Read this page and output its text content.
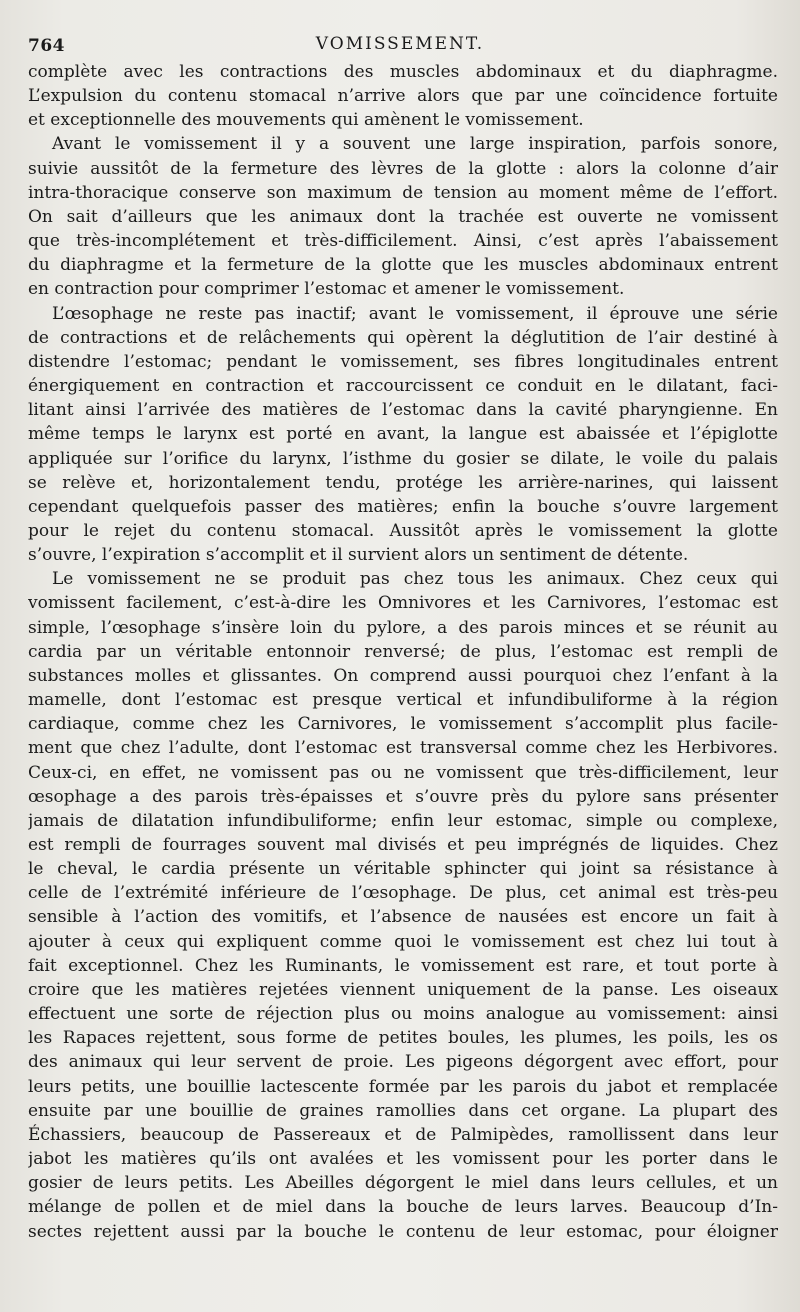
764	VOMISSEMENT.
complète avec les contractions des muscles abdominaux et du diaphragme.
L’expulsion du contenu stomacal n’arrive alors que par une coïncidence fortuite
et exceptionnelle des mouvements qui amènent le vomissement.
Avant le vomissement il y a souvent une large inspiration, parfois sonore,
suivie aussitôt de la fermeture des lèvres de la glotte : alors la colonne d’air
intra-thoracique conserve son maximum de tension au moment même de l’effort.
On sait d’ailleurs que les animaux dont la trachée est ouverte ne vomissent
que très-incomplétement et très-difficilement. Ainsi, c’est après l’abaissement
du diaphragme et la fermeture de la glotte que les muscles abdominaux entrent
en contraction pour comprimer l’estomac et amener le vomissement.
L’œsophage ne reste pas inactif; avant le vomissement, il éprouve une série
de contractions et de relâchements qui opèrent la déglutition de l’air destiné à
distendre l’estomac; pendant le vomissement, ses fibres longitudinales entrent
énergiquement en contraction et raccourcissent ce conduit en le dilatant, faci-
litant ainsi l’arrivée des matières de l’estomac dans la cavité pharyngienne. En
même temps le larynx est porté en avant, la langue est abaissée et l’épiglotte
appliquée sur l’orifice du larynx, l’isthme du gosier se dilate, le voile du palais
se relève et, horizontalement tendu, protége les arrière-narines, qui laissent
cependant quelquefois passer des matières; enfin la bouche s’ouvre largement
pour le rejet du contenu stomacal. Aussitôt après le vomissement la glotte
s’ouvre, l’expiration s’accomplit et il survient alors un sentiment de détente.
Le vomissement ne se produit pas chez tous les animaux. Chez ceux qui
vomissent facilement, c’est-à-dire les Omnivores et les Carnivores, l’estomac est
simple, l’œsophage s’insère loin du pylore, a des parois minces et se réunit au
cardia par un véritable entonnoir renversé; de plus, l’estomac est rempli de
substances molles et glissantes. On comprend aussi pourquoi chez l’enfant à la
mamelle, dont l’estomac est presque vertical et infundibuliforme à la région
cardiaque, comme chez les Carnivores, le vomissement s’accomplit plus facile-
ment que chez l’adulte, dont l’estomac est transversal comme chez les Herbivores.
Ceux-ci, en effet, ne vomissent pas ou ne vomissent que très-difficilement, leur
œsophage a des parois très-épaisses et s’ouvre près du pylore sans présenter
jamais de dilatation infundibuliforme; enfin leur estomac, simple ou complexe,
est rempli de fourrages souvent mal divisés et peu imprégnés de liquides. Chez
le cheval, le cardia présente un véritable sphincter qui joint sa résistance à
celle de l’extrémité inférieure de l’œsophage. De plus, cet animal est très-peu
sensible à l’action des vomitifs, et l’absence de nausées est encore un fait à
ajouter à ceux qui expliquent comme quoi le vomissement est chez lui tout à
fait exceptionnel. Chez les Ruminants, le vomissement est rare, et tout porte à
croire que les matières rejetées viennent uniquement de la panse. Les oiseaux
effectuent une sorte de réjection plus ou moins analogue au vomissement: ainsi
les Rapaces rejettent, sous forme de petites boules, les plumes, les poils, les os
des animaux qui leur servent de proie. Les pigeons dégorgent avec effort, pour
leurs petits, une bouillie lactescente formée par les parois du jabot et remplacée
ensuite par une bouillie de graines ramollies dans cet organe. La plupart des
Échassiers, beaucoup de Passereaux et de Palmipèdes, ramollissent dans leur
jabot les matières qu’ils ont avalées et les vomissent pour les porter dans le
gosier de leurs petits. Les Abeilles dégorgent le miel dans leurs cellules, et un
mélange de pollen et de miel dans la bouche de leurs larves. Beaucoup d’In-
sectes rejettent aussi par la bouche le contenu de leur estomac, pour éloigner
